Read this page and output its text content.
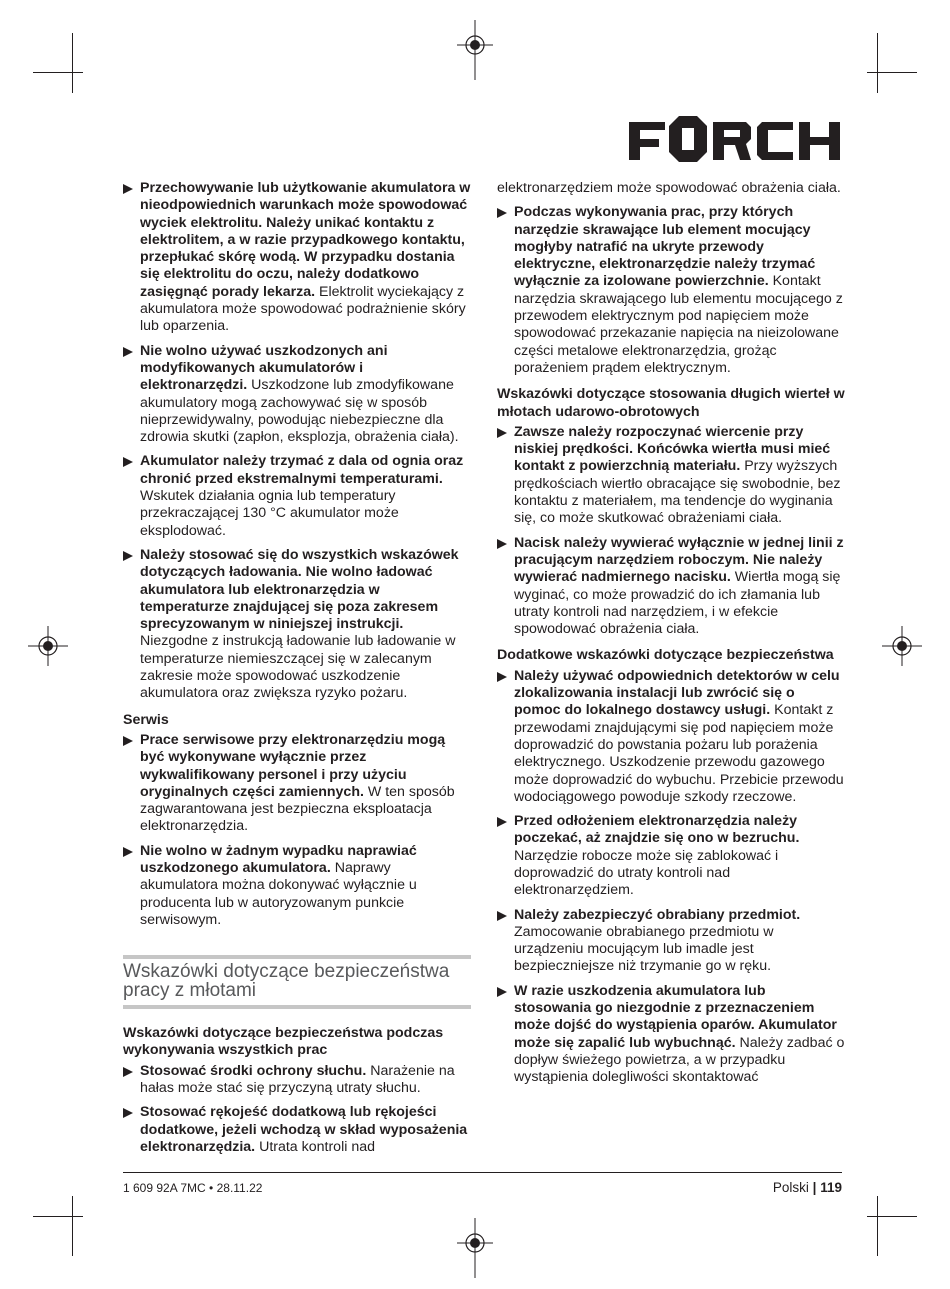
Przechowywanie lub użytkowanie akumulatora w nieodpowiednich warunkach może spowodować wyciek elektrolitu. Należy unikać kontaktu z elektrolitem, a w razie przypadkowego kontaktu, przepłukać skórę wodą. W przypadku dostania się elektrolitu do oczu, należy dodatkowo zasięgnąć porady lekarza. Elektrolit wyciekający z akumulatora może spowodować podrażnienie skóry lub oparzenia.
Nie wolno używać uszkodzonych ani modyfikowanych akumulatorów i elektronarzędzi. Uszkodzone lub zmodyfikowane akumulatory mogą zachowywać się w sposób nieprzewidywalny, powodując niebezpieczne dla zdrowia skutki (zapłon, eksplozja, obrażenia ciała).
Akumulator należy trzymać z dala od ognia oraz chronić przed ekstremalnymi temperaturami. Wskutek działania ognia lub temperatury przekraczającej 130 °C akumulator może eksplodować.
Należy stosować się do wszystkich wskazówek dotyczących ładowania. Nie wolno ładować akumulatora lub elektronarzędzia w temperaturze znajdującej się poza zakresem sprecyzowanym w niniejszej instrukcji. Niezgodne z instrukcją ładowanie lub ładowanie w temperaturze niemieszczącej się w zalecanym zakresie może spowodować uszkodzenie akumulatora oraz zwiększa ryzyko pożaru.
Serwis
Prace serwisowe przy elektronarzędziu mogą być wykonywane wyłącznie przez wykwalifikowany personel i przy użyciu oryginalnych części zamiennych. W ten sposób zagwarantowana jest bezpieczna eksploatacja elektronarzędzia.
Nie wolno w żadnym wypadku naprawiać uszkodzonego akumulatora. Naprawy akumulatora można dokonywać wyłącznie u producenta lub w autoryzowanym punkcie serwisowym.
Wskazówki dotyczące bezpieczeństwa pracy z młotami
Wskazówki dotyczące bezpieczeństwa podczas wykonywania wszystkich prac
Stosować środki ochrony słuchu. Narażenie na hałas może stać się przyczyną utraty słuchu.
Stosować rękojeść dodatkową lub rękojeści dodatkowe, jeżeli wchodzą w skład wyposażenia elektronarzędzia. Utrata kontroli nad

elektronarzędziem może spowodować obrażenia ciała.

Podczas wykonywania prac, przy których narzędzie skrawające lub element mocujący mogłyby natrafić na ukryte przewody elektryczne, elektronarzędzie należy trzymać wyłącznie za izolowane powierzchnie. Kontakt narzędzia skrawającego lub elementu mocującego z przewodem elektrycznym pod napięciem może spowodować przekazanie napięcia na nieizolowane części metalowe elektronarzędzia, grożąc porażeniem prądem elektrycznym.
Wskazówki dotyczące stosowania długich wierteł w młotach udarowo-obrotowych
Zawsze należy rozpoczynać wiercenie przy niskiej prędkości. Końcówka wiertła musi mieć kontakt z powierzchnią materiału. Przy wyższych prędkościach wiertło obracające się swobodnie, bez kontaktu z materiałem, ma tendencje do wyginania się, co może skutkować obrażeniami ciała.
Nacisk należy wywierać wyłącznie w jednej linii z pracującym narzędziem roboczym. Nie należy wywierać nadmiernego nacisku. Wiertła mogą się wyginać, co może prowadzić do ich złamania lub utraty kontroli nad narzędziem, i w efekcie spowodować obrażenia ciała.
Dodatkowe wskazówki dotyczące bezpieczeństwa
Należy używać odpowiednich detektorów w celu zlokalizowania instalacji lub zwrócić się o pomoc do lokalnego dostawcy usługi. Kontakt z przewodami znajdującymi się pod napięciem może doprowadzić do powstania pożaru lub porażenia elektrycznego. Uszkodzenie przewodu gazowego może doprowadzić do wybuchu. Przebicie przewodu wodociągowego powoduje szkody rzeczowe.
Przed odłożeniem elektronarzędzia należy poczekać, aż znajdzie się ono w bezruchu. Narzędzie robocze może się zablokować i doprowadzić do utraty kontroli nad elektronarzędziem.
Należy zabezpieczyć obrabiany przedmiot. Zamocowanie obrabianego przedmiotu w urządzeniu mocującym lub imadle jest bezpieczniejsze niż trzymanie go w ręku.
W razie uszkodzenia akumulatora lub stosowania go niezgodnie z przeznaczeniem może dojść do wystąpienia oparów. Akumulator może się zapalić lub wybuchnąć. Należy zadbać o dopływ świeżego powietrza, a w przypadku wystąpienia dolegliwości skontaktować
1 609 92A 7MC • 28.11.22	Polski | 119
